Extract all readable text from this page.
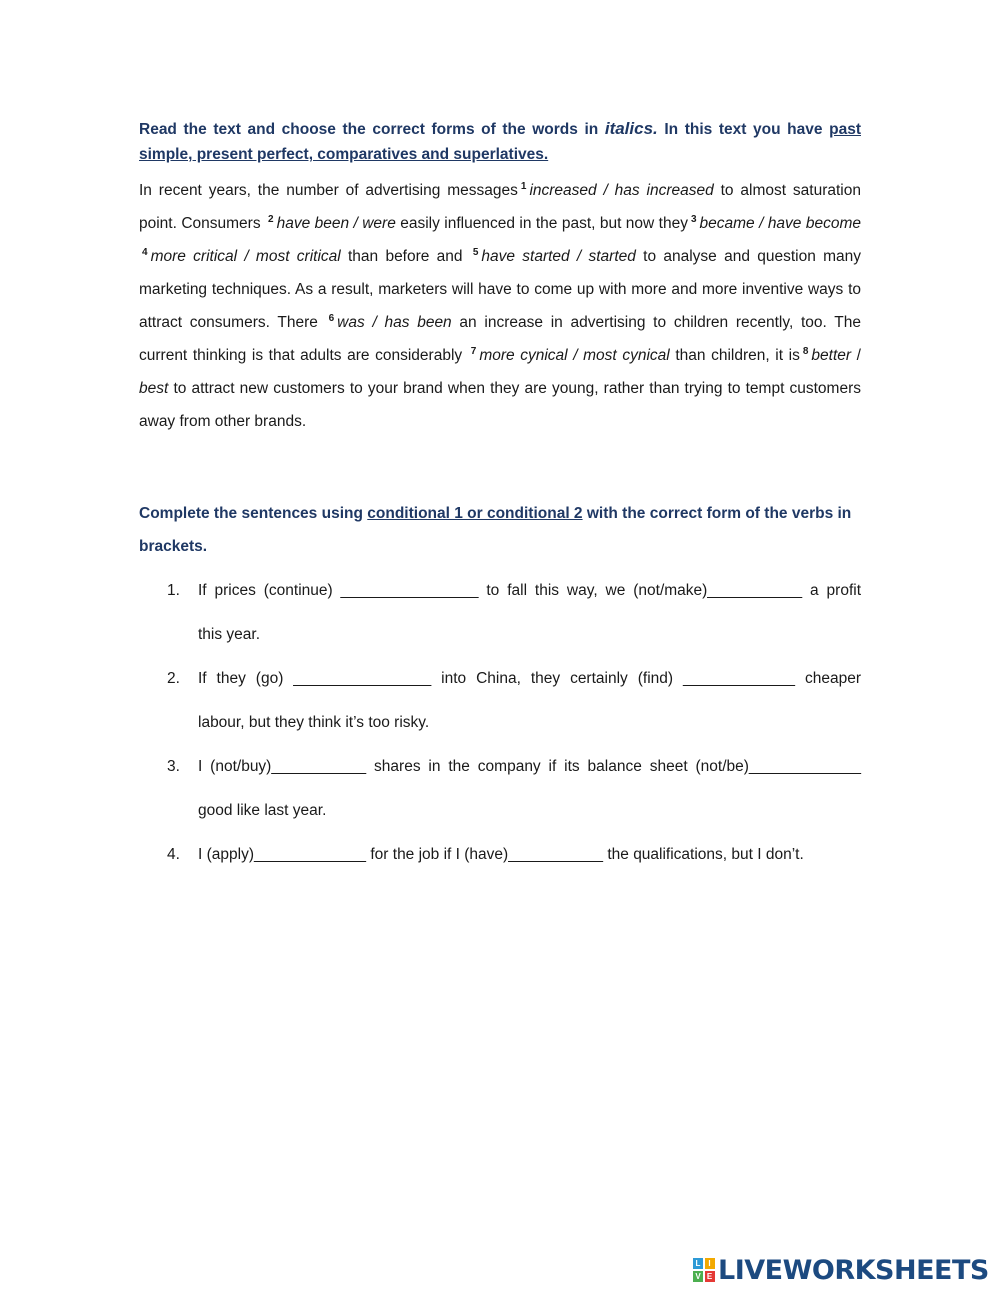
Read the text and choose the correct forms of the words in italics. In this text you have past simple, present perfect, comparatives and superlatives.
In recent years, the number of advertising messages $^1$ increased / has increased to almost saturation point. Consumers $^2$ have been / were easily influenced in the past, but now they $^3$ became / have become $^4$ more critical / most critical than before and $^5$ have started / started to analyse and question many marketing techniques. As a result, marketers will have to come up with more and more inventive ways to attract consumers. There $^6$ was / has been an increase in advertising to children recently, too. The current thinking is that adults are considerably $^7$ more cynical / most cynical than children, it is $^8$ better / best to attract new customers to your brand when they are young, rather than trying to tempt customers away from other brands.
Complete the sentences using conditional 1 or conditional 2 with the correct form of the verbs in brackets.
1.	If prices (continue) ________________ to fall this way, we (not/make)___________ a profit
this year.
2.	If they (go) ________________ into China, they certainly (find) _____________ cheaper
labour, but they think it’s too risky.
3.	I (not/buy)___________ shares in the company if its balance sheet (not/be)_____________
good like last year.
4.	I (apply)_____________ for the job if I (have)___________ the qualifications, but I don’t.
L I
V E LIVEWORKSHEETS
